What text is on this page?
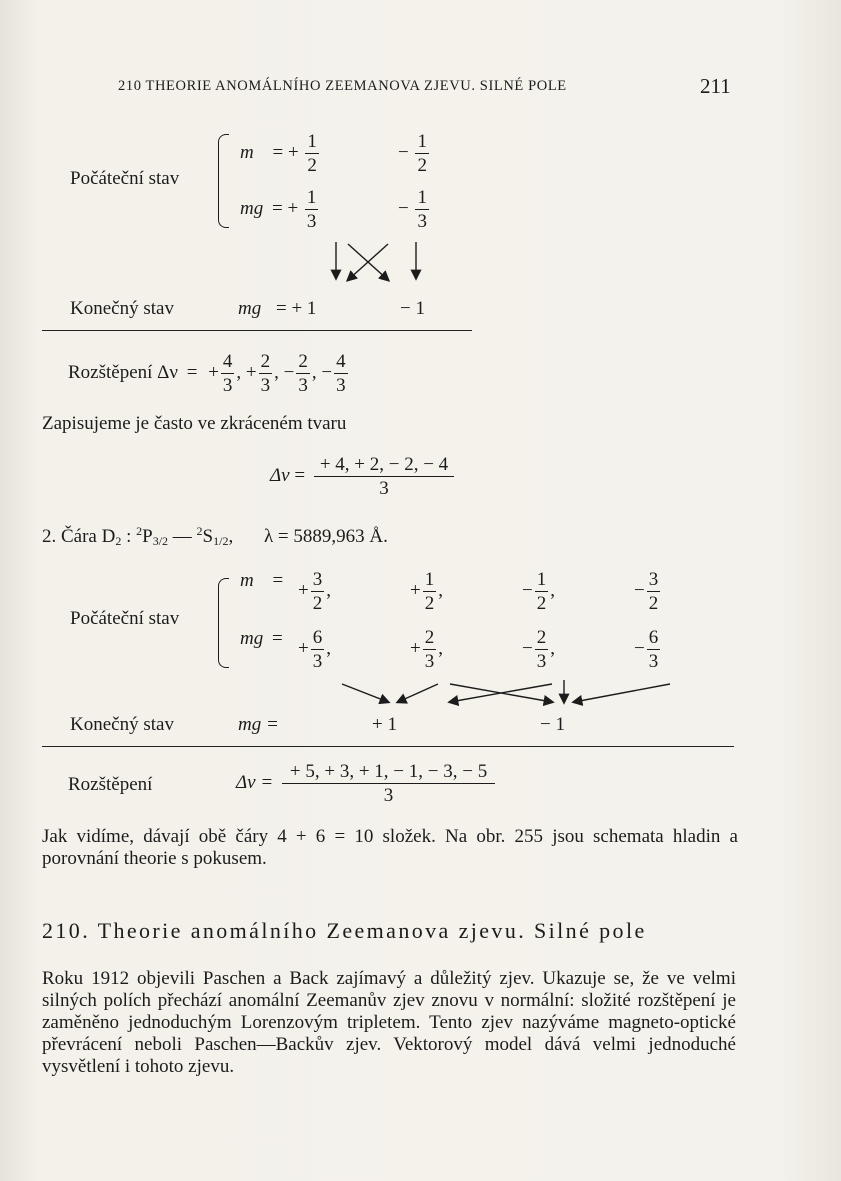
210 THEORIE ANOMÁLNÍHO ZEEMANOVA ZJEVU. SILNÉ POLE	211
Počáteční stav
m = + $\frac{1}{2}$	− $\frac{1}{2}$
mg = + $\frac{1}{3}$	− $\frac{1}{3}$
Konečný stav	mg = + 1	− 1
Rozštěpení Δν = + $\frac{4}{3}$ , + $\frac{2}{3}$ , − $\frac{2}{3}$ , − $\frac{4}{3}$
Zapisujeme je často ve zkráceném tvaru
$\Delta\nu = \frac{+ 4, + 2, - 2, - 4}{3}$
2. Čára $D_2$ : $^2P_{3/2}$ — $^2S_{1/2}$, λ = 5889,963 Å.
Počáteční stav
m = + $\frac{3}{2}$ ,	+ $\frac{1}{2}$ ,	− $\frac{1}{2}$ ,	− $\frac{3}{2}$
mg = + $\frac{6}{3}$ ,	+ $\frac{2}{3}$ ,	− $\frac{2}{3}$ ,	− $\frac{6}{3}$
Konečný stav	mg =	+ 1	− 1
Rozštěpení	$\Delta\nu = \frac{+ 5, + 3, + 1, - 1, - 3, - 5}{3}$
Jak vidíme, dávají obě čáry 4 + 6 = 10 složek. Na obr. 255 jsou schemata hladin a porovnání theorie s pokusem.
210. Theorie anomálního Zeemanova zjevu. Silné pole
Roku 1912 objevili Paschen a Back zajímavý a důležitý zjev. Ukazuje se, že ve velmi silných polích přechází anomální Zeemanův zjev znovu v normální: složité rozštěpení je zaměněno jednoduchým Lorenzovým tripletem. Tento zjev nazýváme magneto-optické převrácení neboli Paschen—Backův zjev. Vektorový model dává velmi jednoduché vysvětlení i tohoto zjevu.
